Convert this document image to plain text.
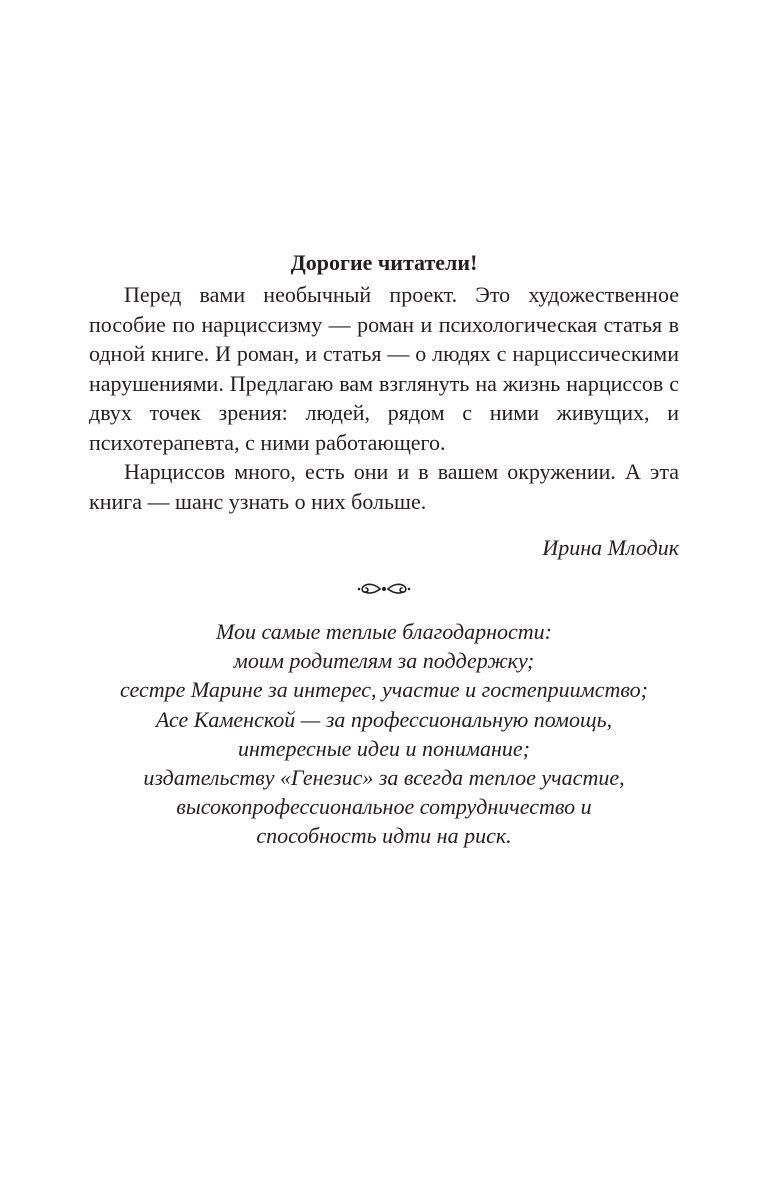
Дорогие читатели!

Перед вами необычный проект. Это художественное пособие по нарциссизму — роман и психологическая статья в одной книге. И роман, и статья — о людях с нарциссическими нарушениями. Предлагаю вам взглянуть на жизнь нарциссов с двух точек зрения: людей, рядом с ними живущих, и психотерапевта, с ними работающего.

Нарциссов много, есть они и в вашем окружении. А эта книга — шанс узнать о них больше.

Ирина Млодик

Мои самые теплые благодарности:
моим родителям за поддержку;
сестре Марине за интерес, участие и гостеприимство;
Асе Каменской — за профессиональную помощь,
интересные идеи и понимание;
издательству «Генезис» за всегда теплое участие,
высокопрофессиональное сотрудничество и
способность идти на риск.
